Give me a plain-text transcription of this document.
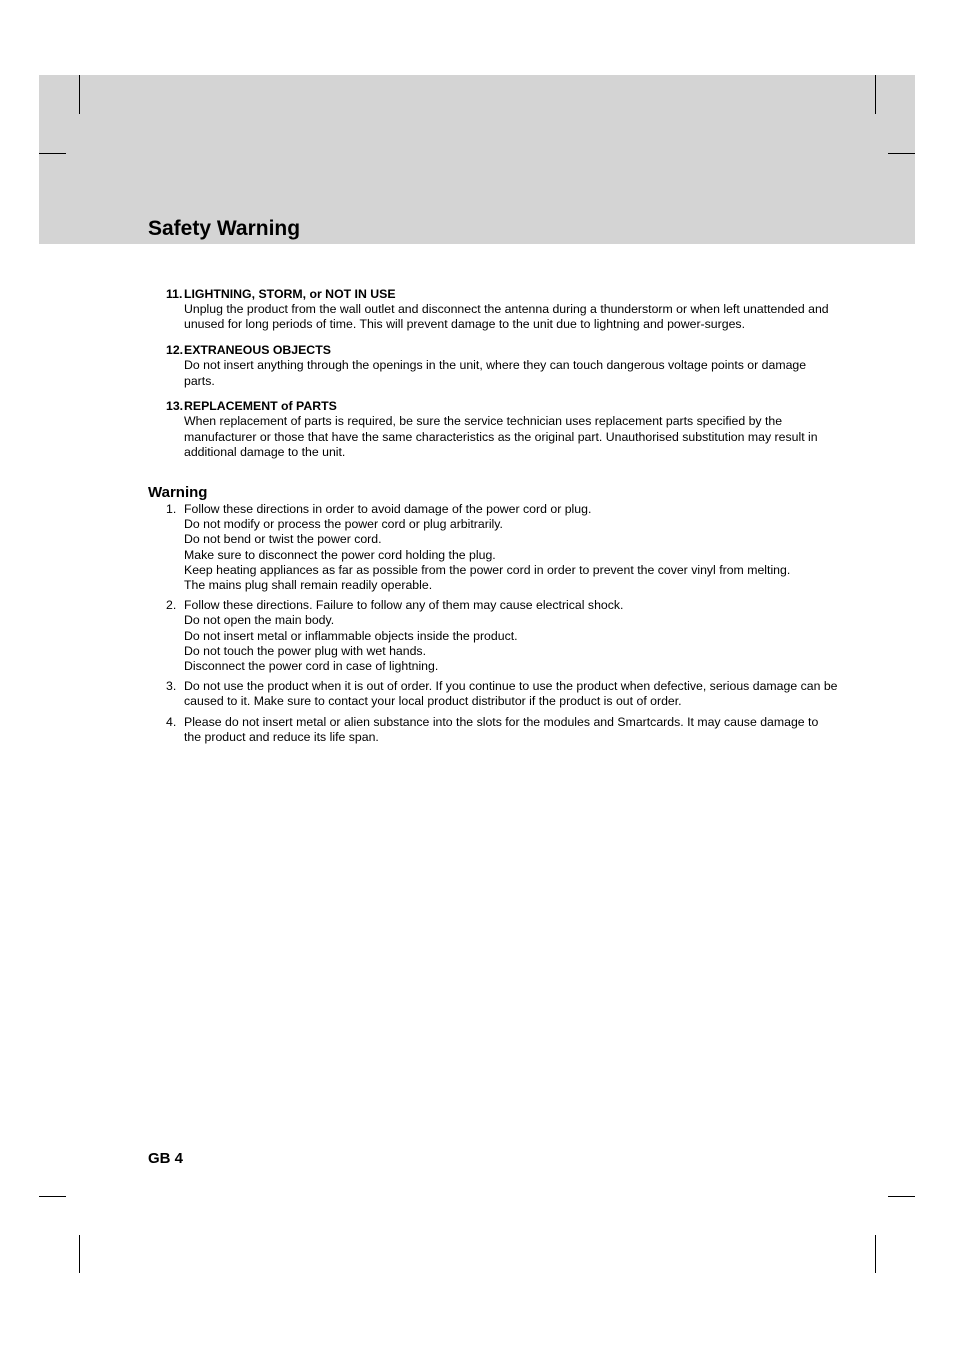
Safety Warning
11. LIGHTNING, STORM, or NOT IN USE

Unplug the product from the wall outlet and disconnect the antenna during a thunderstorm or when left unattended and unused for long periods of time. This will prevent damage to the unit due to lightning and power-surges.

12. EXTRANEOUS OBJECTS

Do not insert anything through the openings in the unit, where they can touch dangerous voltage points or damage parts.

13. REPLACEMENT of PARTS

When replacement of parts is required, be sure the service technician uses replacement parts specified by the manufacturer or those that have the same characteristics as the original part. Unauthorised substitution may result in additional damage to the unit.

Warning
1. Follow these directions in order to avoid damage of the power cord or plug.
Do not modify or process the power cord or plug arbitrarily.
Do not bend or twist the power cord.
Make sure to disconnect the power cord holding the plug.
Keep heating appliances as far as possible from the power cord in order to prevent the cover vinyl from melting.
The mains plug shall remain readily operable.
2. Follow these directions. Failure to follow any of them may cause electrical shock.
Do not open the main body.
Do not insert metal or inflammable objects inside the product.
Do not touch the power plug with wet hands.
Disconnect the power cord in case of lightning.
3. Do not use the product when it is out of order. If you continue to use the product when defective, serious damage can be caused to it. Make sure to contact your local product distributor if the product is out of order.
4. Please do not insert metal or alien substance into the slots for the modules and Smartcards. It may cause damage to the product and reduce its life span.
GB 4
